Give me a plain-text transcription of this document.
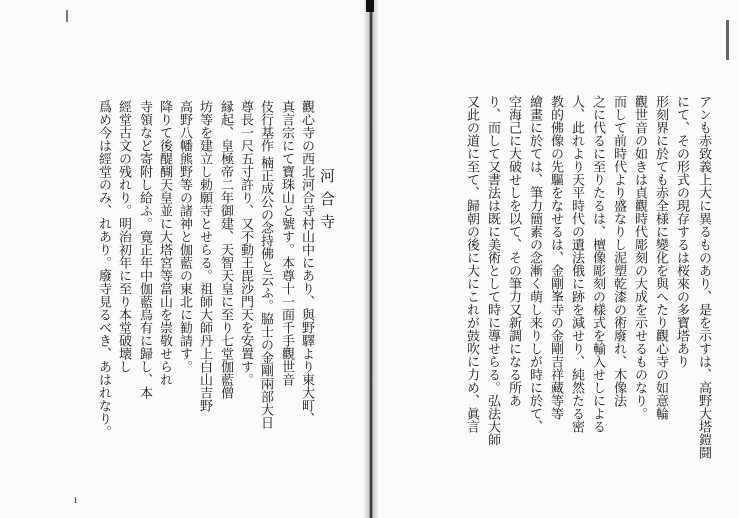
河合寺
觀心寺の西北河合寺村山中にあり、與野驛より東大町、
真言宗にて寶珠山と號す。本尊十一面千手觀世音
伎行基作 楠正成公の念持佛と云ふ。脇士の金剛兩部大日
尊長一尺五寸許り、又不動王毘沙門天を安置す。
縁起、皇極帝二年御建、天智天皇に至り七堂伽藍僧
坊等を建立し勅願寺とせらる。祖師大師丹上白山吉野
高野八幡熊野等の諸神と伽藍の東北に勧請す。
降りて後醍醐天皇並に大塔宮等當山を崇敬せられ
寺領など寄附し給ふ。寛正年中伽藍烏有に歸し、本
經堂古文の残れり。明治初年に至り本堂破壊し
爲め今は經堂のみ、れあり。廢寺見るべき、あはれなり。
ı
アンも赤致義上大に異るものあり、是を示すは、高野大塔鎧鬪
にて、その形式の現存するは桜來の多寶塔あり
形刻界に於ても赤全様に變化を與へたり觀心寺の如意輪
觀世音の如きは貞觀時代彫刻の大成を示せるものなり。
而して前時代より盛なりし泥塑乾漆の術廢れ、木像法
之に代るに至りたるは、檀像彫刻の樣式を輸入せしによる
人、此れより天平時代の遺法俄に跡を減せり、純然たる密
教的佛像の先驅をなせるは、金剛峯寺の金剛吉祥藏等等
繪畫に於ては、筆力簡素の念漸く萌し来りしが時に於て、
空海己に大破せしを以て、その筆力又新調になる所あ
り、而して又書法は既に美術として時に導せらる。弘法大師
又此の道に至て、歸朝の後に大にこれが鼓吹に力め、眞言
